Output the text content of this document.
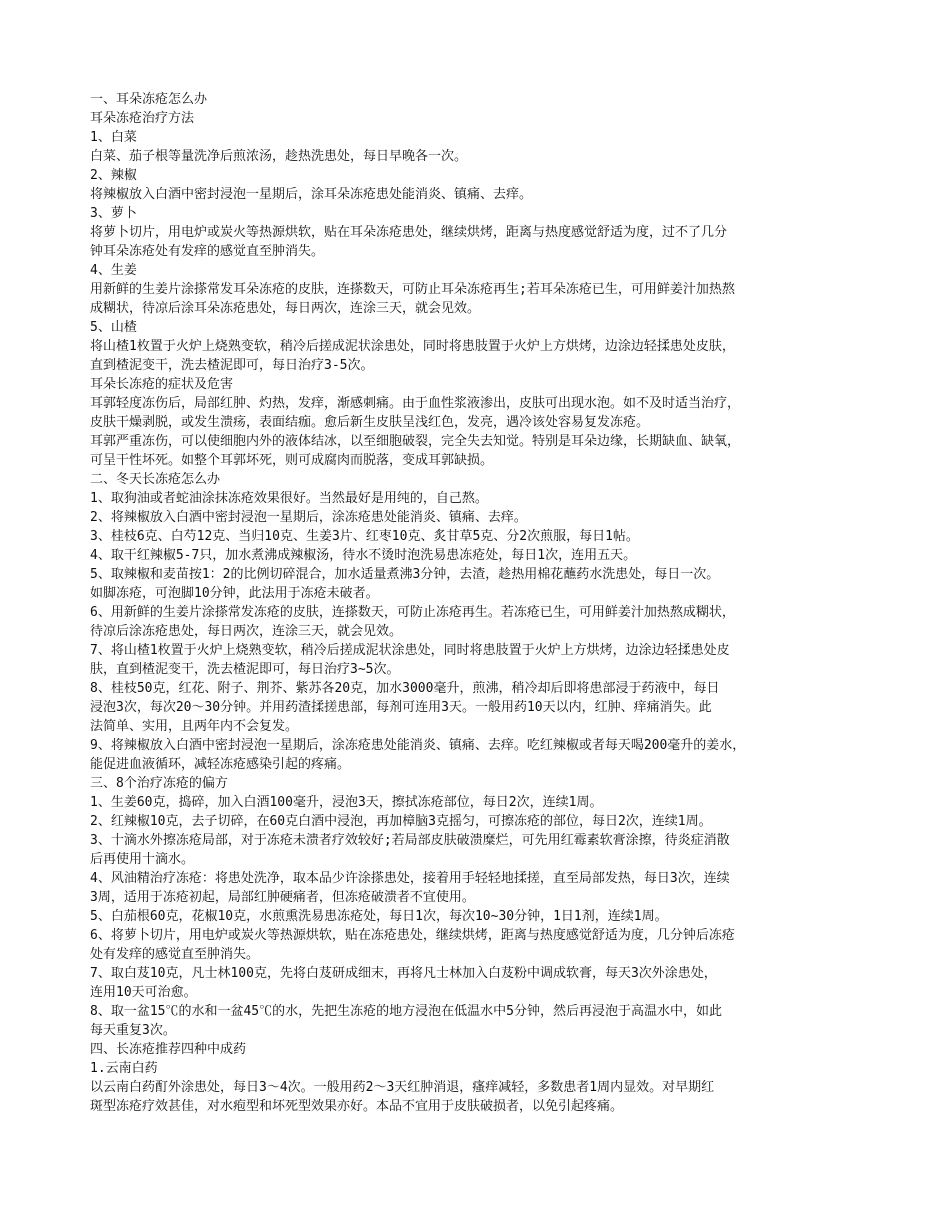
一、耳朵冻疮怎么办
耳朵冻疮治疗方法
1、白菜
白菜、茄子根等量洗净后煎浓汤，趁热洗患处，每日早晚各一次。
2、辣椒
将辣椒放入白酒中密封浸泡一星期后，涂耳朵冻疮患处能消炎、镇痛、去痒。
3、萝卜
将萝卜切片，用电炉或炭火等热源烘软，贴在耳朵冻疮患处，继续烘烤，距离与热度感觉舒适为度，过不了几分
钟耳朵冻疮处有发痒的感觉直至肿消失。
4、生姜
用新鲜的生姜片涂搽常发耳朵冻疮的皮肤，连搽数天，可防止耳朵冻疮再生;若耳朵冻疮已生，可用鲜姜汁加热熬
成糊状，待凉后涂耳朵冻疮患处，每日两次，连涂三天，就会见效。
5、山楂
将山楂1枚置于火炉上烧熟变软，稍冷后搓成泥状涂患处，同时将患肢置于火炉上方烘烤，边涂边轻揉患处皮肤，
直到楂泥变干，洗去楂泥即可，每日治疗3-5次。
耳朵长冻疮的症状及危害
耳郭轻度冻伤后，局部红肿、灼热，发痒，渐感刺痛。由于血性浆液渗出，皮肤可出现水泡。如不及时适当治疗，
皮肤干燥剥脱，或发生溃疡，表面结痂。愈后新生皮肤呈浅红色，发亮，遇冷该处容易复发冻疮。
耳郭严重冻伤，可以使细胞内外的液体结冰，以至细胞破裂，完全失去知觉。特别是耳朵边缘，长期缺血、缺氧，
可呈干性坏死。如整个耳郭坏死，则可成腐肉而脱落，变成耳郭缺损。
二、冬天长冻疮怎么办
1、取狗油或者蛇油涂抹冻疮效果很好。当然最好是用纯的，自己熬。
2、将辣椒放入白酒中密封浸泡一星期后，涂冻疮患处能消炎、镇痛、去痒。
3、桂枝6克、白芍12克、当归10克、生姜3片、红枣10克、炙甘草5克、分2次煎服，每日1帖。
4、取干红辣椒5-7只，加水煮沸成辣椒汤，待水不烫时泡洗易患冻疮处，每日1次，连用五天。
5、取辣椒和麦苗按1：2的比例切碎混合，加水适量煮沸3分钟，去渣，趁热用棉花蘸药水洗患处，每日一次。
如脚冻疮，可泡脚10分钟，此法用于冻疮未破者。
6、用新鲜的生姜片涂搽常发冻疮的皮肤，连搽数天，可防止冻疮再生。若冻疮已生，可用鲜姜汁加热熬成糊状，
待凉后涂冻疮患处，每日两次，连涂三天，就会见效。
7、将山楂1枚置于火炉上烧熟变软，稍冷后搓成泥状涂患处，同时将患肢置于火炉上方烘烤，边涂边轻揉患处皮
肤，直到楂泥变干，洗去楂泥即可，每日治疗3~5次。
8、桂枝50克，红花、附子、荆芥、紫苏各20克，加水3000毫升，煎沸，稍冷却后即将患部浸于药液中，每日
浸泡3次，每次20～30分钟。并用药渣揉搓患部，每剂可连用3天。一般用药10天以内，红肿、痒痛消失。此
法简单、实用，且两年内不会复发。
9、将辣椒放入白酒中密封浸泡一星期后，涂冻疮患处能消炎、镇痛、去痒。吃红辣椒或者每天喝200毫升的姜水，
能促进血液循环，减轻冻疮感染引起的疼痛。
三、8个治疗冻疮的偏方
1、生姜60克，捣碎，加入白酒100毫升，浸泡3天，擦拭冻疮部位，每日2次，连续1周。
2、红辣椒10克，去子切碎，在60克白酒中浸泡，再加樟脑3克摇匀，可擦冻疮的部位，每日2次，连续1周。
3、十滴水外擦冻疮局部，对于冻疮未溃者疗效较好;若局部皮肤破溃糜烂，可先用红霉素软膏涂擦，待炎症消散
后再使用十滴水。
4、风油精治疗冻疮：将患处洗净，取本品少许涂搽患处，接着用手轻轻地揉搓，直至局部发热，每日3次，连续
3周，适用于冻疮初起，局部红肿硬痛者，但冻疮破溃者不宜使用。
5、白茄根60克，花椒10克，水煎熏洗易患冻疮处，每日1次，每次10~30分钟，1日1剂，连续1周。
6、将萝卜切片，用电炉或炭火等热源烘软，贴在冻疮患处，继续烘烤，距离与热度感觉舒适为度，几分钟后冻疮
处有发痒的感觉直至肿消失。
7、取白芨10克，凡士林100克，先将白芨研成细末，再将凡士林加入白芨粉中调成软膏，每天3次外涂患处，
连用10天可治愈。
8、取一盆15℃的水和一盆45℃的水，先把生冻疮的地方浸泡在低温水中5分钟，然后再浸泡于高温水中，如此
每天重复3次。
四、长冻疮推荐四种中成药
1.云南白药
以云南白药酊外涂患处，每日3～4次。一般用药2～3天红肿消退，瘙痒减轻，多数患者1周内显效。对早期红
斑型冻疮疗效甚佳，对水疱型和坏死型效果亦好。本品不宜用于皮肤破损者，以免引起疼痛。
